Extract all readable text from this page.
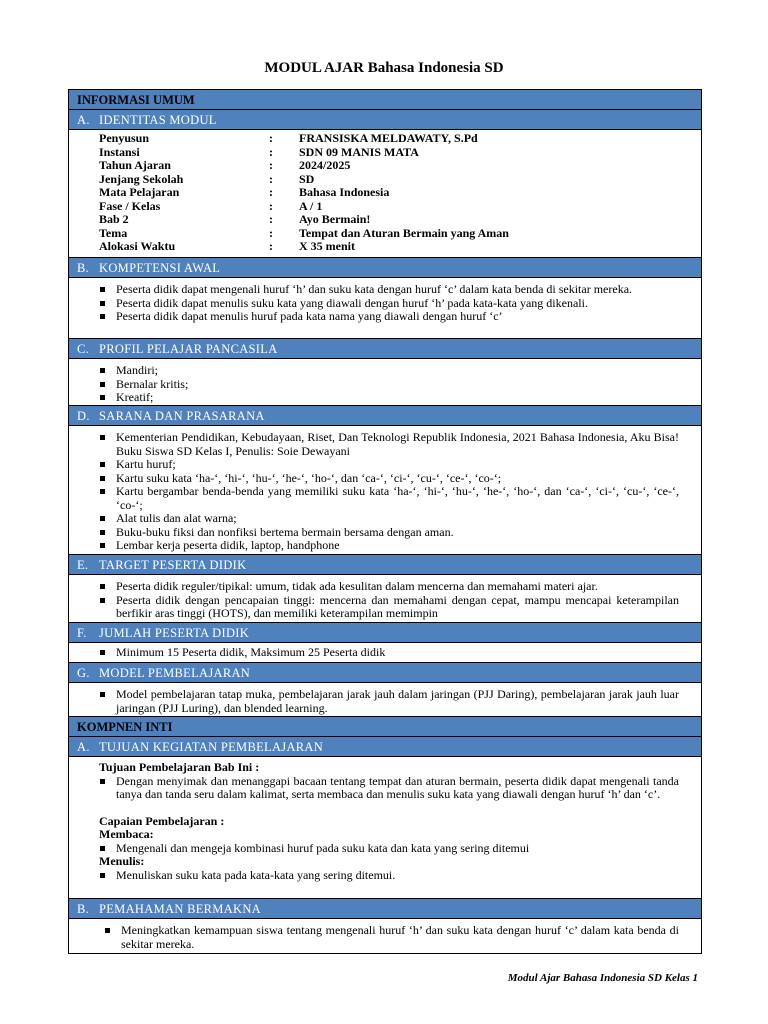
MODUL AJAR Bahasa Indonesia SD
INFORMASI UMUM
A. IDENTITAS MODUL
Penyusun	:	FRANSISKA MELDAWATY, S.Pd
Instansi	:	SDN 09 MANIS MATA
Tahun Ajaran	:	2024/2025
Jenjang Sekolah	:	SD
Mata Pelajaran	:	Bahasa Indonesia
Fase / Kelas	:	A / 1
Bab 2	:	Ayo Bermain!
Tema	:	Tempat dan Aturan Bermain yang Aman
Alokasi Waktu	:	X 35 menit
B. KOMPETENSI AWAL
Peserta didik dapat mengenali huruf ‘h’ dan suku kata dengan huruf ‘c’ dalam kata benda di sekitar mereka.
Peserta didik dapat menulis suku kata yang diawali dengan huruf ‘h’ pada kata-kata yang dikenali.
Peserta didik dapat menulis huruf pada kata nama yang diawali dengan huruf ‘c’
C. PROFIL PELAJAR PANCASILA
Mandiri;
Bernalar kritis;
Kreatif;
D. SARANA DAN PRASARANA
Kementerian Pendidikan, Kebudayaan, Riset, Dan Teknologi Republik Indonesia, 2021 Bahasa Indonesia, Aku Bisa! Buku Siswa SD Kelas I, Penulis: Soie Dewayani
Kartu huruf;
Kartu suku kata ‘ha-‘, ‘hi-‘, ‘hu-‘, ‘he-‘, ‘ho-‘, dan ‘ca-‘, ‘ci-‘, ‘cu-‘, ‘ce-‘, ‘co-‘;
Kartu bergambar benda-benda yang memiliki suku kata ‘ha-‘, ‘hi-‘, ‘hu-‘, ‘he-‘, ‘ho-‘, dan ‘ca-‘, ‘ci-‘, ‘cu-‘, ‘ce-‘, ‘co-‘;
Alat tulis dan alat warna;
Buku-buku fiksi dan nonfiksi bertema bermain bersama dengan aman.
Lembar kerja peserta didik, laptop, handphone
E. TARGET PESERTA DIDIK
Peserta didik reguler/tipikal: umum, tidak ada kesulitan dalam mencerna dan memahami materi ajar.
Peserta didik dengan pencapaian tinggi: mencerna dan memahami dengan cepat, mampu mencapai keterampilan berfikir aras tinggi (HOTS), dan memiliki keterampilan memimpin
F. JUMLAH PESERTA DIDIK
Minimum 15 Peserta didik, Maksimum 25 Peserta didik
G. MODEL PEMBELAJARAN
Model pembelajaran tatap muka, pembelajaran jarak jauh dalam jaringan (PJJ Daring), pembelajaran jarak jauh luar jaringan (PJJ Luring), dan blended learning.
KOMPNEN INTI
A. TUJUAN KEGIATAN PEMBELAJARAN
Tujuan Pembelajaran Bab Ini :
Dengan menyimak dan menanggapi bacaan tentang tempat dan aturan bermain, peserta didik dapat mengenali tanda tanya dan tanda seru dalam kalimat, serta membaca dan menulis suku kata yang diawali dengan huruf ‘h’ dan ‘c’.
Capaian Pembelajaran :
Membaca:
Mengenali dan mengeja kombinasi huruf pada suku kata dan kata yang sering ditemui
Menulis:
Menuliskan suku kata pada kata-kata yang sering ditemui.
B. PEMAHAMAN BERMAKNA
Meningkatkan kemampuan siswa tentang mengenali huruf ‘h’ dan suku kata dengan huruf ‘c’ dalam kata benda di sekitar mereka.
Modul Ajar Bahasa Indonesia SD Kelas 1
